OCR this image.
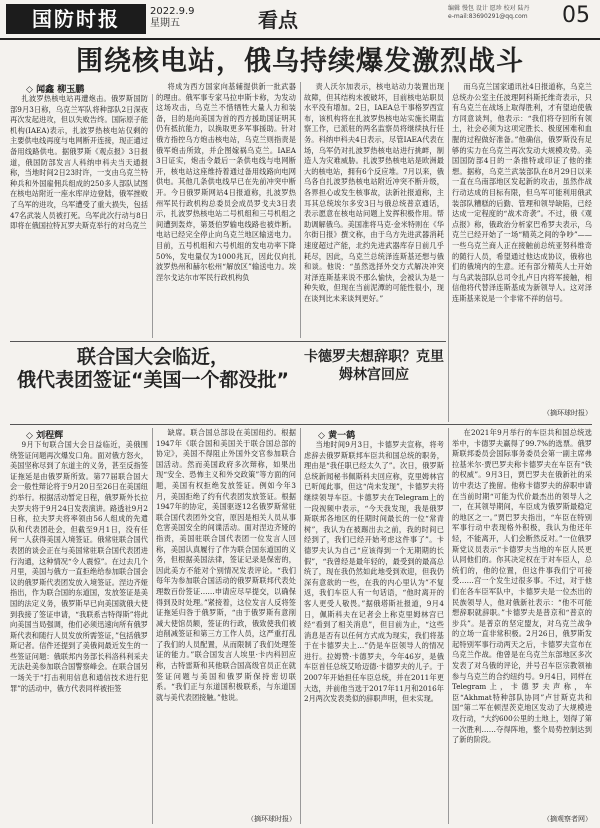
国防时报	2022.9.9
星期五	看点	编辑 慢包 设计 愿珍 校对 陆丹
e-mail:83690291@qq.com 05
围绕核电站，俄乌持续爆发激烈战斗
◇ 闻鑫 柳玉鹏
扎波罗热核电站再遭炮击。俄罗斯国防部9月3日称，乌克兰军队将种部队2日深夜再次发起进攻，但以失败告终。国际原子能机构(IAEA)表示，扎波罗热核电站仅剩的主要供电线再度与电网断开连接，现正通过备用线路供电。据俄罗斯《观点报》3日报道，俄国防部发言人科纳申科夫当天通报称，当地时间2日23时许，一支由乌克兰特种兵和外国雇佣兵组成的250多人部队试图在核电站附近一座水库岸边登陆，俄军挫败了乌军的进攻，乌军遭受了重大损失，包括47名武装人员被打死。乌军此次行动与8日即将在俄国拉特瓦罗夫斯克举行的对乌克兰
将成为西方国家向基辅提供新一批武器的理由。俄军事专家马拉申斯卡称，为发动这场攻击，乌克兰不惜牺牲大量人力和装备，目的是向美国为首的西方援助国证明其仍有抵抗能力，以换取更多军事援助。针对俄方指控乌方炮击核电站，乌克兰则指责是俄军炮击所致，并企图嫁祸乌克兰。IAEA 3日证实，炮击令最后一条供电线与电网断开，核电站这座维持着通过备用线路向电网供电。其他几条供电线早已在先前冲突中断开。今日俄罗斯网站4日报道称，扎波罗热州军民行政机构总委员会成员罗戈夫3日表示，扎波罗热核电站二号机组和三号机组之间遭到轰炸，第聂伯罗输电线路也被炸断。电站已经完全停止向乌克兰地区输送电力。目前，五号机组和六号机组的发电功率下降50%，发电量仅为1000兆瓦，因此仅向扎波罗热州和赫尔松州“解放区”输送电力。埃涅尔戈达尔市军民行政机构负
责人沃尔加表示，核电站动力装置出现故障，但其结构未被破坏，目前核电站职员水平没有增加。2日，IAEA总干事格罗西宣布，该机构将在扎波罗热核电站实施长期监察工作，已派驻的两名监察员将继续执行任务。科纳申科夫4日表示，尽管IAEA代表在场，乌军仍对扎波罗热核电站进行挑衅，制造人为灾难威胁。扎波罗热核电站是欧洲最大的核电站，拥有6个反应堆。7月以来，俄乌各自扎波罗热核电站附近冲突不断升级，各界担心或发生核事故，法新社报道称，主耳其总统埃尔多安3日与俄总统普京通话，表示愿意在核电站问题上发挥积极作用。帮助调解俄乌。美国准将马克·金米特则在《华尔街日报》撰文称，由于乌方先进武器消耗速度超过产能，北约先进武器库存日前几乎耗尽，因此，乌克兰总统泽连斯基还想与俄和谈。他说：“虽然选择外交方式解决冲突对泽连斯基来说不那么愉快，会被认为是一种失败，但现在当前泥潭的可能性很小，现在谈判比未来谈判更好。”
而乌克兰国家通讯社4日报道称，乌克兰总统办公室主任波理阿科斯托维奇表示，只有乌克兰在战场上取得胜利，才有望迫使俄方同意谈判，他表示：“我们将夺回所有领土，社会必须为这项定胜长、极度困难和血腥的过程做好准备。”他确信，俄罗斯没有足够的实力在乌克兰再次发动大规模攻势。美国国防部4日的一条推特或印证了他的推想。据称，乌克兰武装部队在8月29日以来一直在乌南部地区发起新的攻击，虽然作战行动达成的目标有限，但乌军可能利用俄武装部队糟糕的后勤、管理和领导缺陷，已经达成一定程度的“战术奇袭”。不过，俄《观点报》称，俄政治分析家巴希罗夫表示，乌克兰已经开始了一场“精英之间的争吵”——一些乌克兰商人正在接触前总统亚努科维奇的随行人员，希望通过他达成协议，俄称也们的俄境内的生意。还有部分精英人士开始与乌武装部队总司令扎卢日内将军接触，相信他将代替泽连斯基成为新领导人。这对泽连斯基来说是一个非常不祥的信号。
（摘环球时报）
联合国大会临近，
俄代表团签证“美国一个都没批”
卡德罗夫想辞职？克里姆林宫回应
◇ 刘程辉
9月下旬联合国大会日益临近，美俄围绕签证问题再次爆发口角。面对俄方怒火，美国坚称尽到了东道主的义务，甚至反指签证拖延是由俄罗斯所致。第77届联合国大会一般性辩论将于9月20日至26日在美国纽约举行。根据活动暂定日程，俄罗斯外长拉夫罗夫将于9月24日发表演讲。路透社9月2日称，拉夫罗夫将率领由56人组成的先遣队和代表团赴会，但截至9月1日，没有任何一人获得美国入境签证。俄常驻联合国代表团的谈会正在与美国常驻联合国代表团进行沟通，这种情况“令人震惊”。在过去几个月里，美国与俄方一直拒绝给参加联合国会议的俄罗斯代表团发放入境签证。涅边齐娅指出，作为联合国的东道国，发放签证是美国的法定义务，俄罗斯早已向美国就俄大使到我接了签证申请，“我联系吉特得斯”将此向美国当局强调，他们必须迅速向所有俄罗斯代表和随行人员发放所需签证，”包括俄罗斯记者。信件还提到了美俄间最近发生的一些签证问题：俄联邦内务部长科洛科利采夫无法赴美参加联合国警察峰会。在联合国另一场关于“打击利用信息和通信技术进行犯罪”的活动中，俄方代表同样被拒签
缺席。联合国总部设在美国纽约。根据1947年《联合国和美国关于联合国总部的协定》，美国不得阻止外国外交官参加联合国活动。然而美国政府多次辩称，如果出现“安全、恐怖主义和外交政策”等方面的问题，美国有权拒绝发放签证。例如今年3月，美国拒绝了约有代表团发放签证。根据1947年的协定，美国驱逐12名俄罗斯常驻联合国代表团外交官，原因是相关人员从事危害美国安全的间谍活动。面对涅边齐娅的指责，美国驻联合国代表团一位发言人回称，美国认真履行了作为联合国东道国的义务，但根据美国法律，签证记录是保密的，因此美方不能对个别情况发表评论。“我们每年为参加联合国活动的俄罗斯联邦代表处理数百份签证……申请应尽早提交，以确保得到及时处理。”紧接着，这位发言人反将签证拖延归咎于俄罗斯，“由于俄罗斯有意削减大使馆员额，签证的行政，俄致使我们被迫削减签证和第三方工作人员，这严重打乱了我们的人员配置，从而限制了我们处理签证的能力。”联合国发言人埃里·卡内科回应称，古特雷斯和其他联合国高级官员正在就签证问题与美国和俄罗斯保持密切联系。“我们正与东道国积极联系，与东道国就与美代表团接触。”他说。
（摘环球时报）
◇ 黄一鹤
当地时间9月3日，卡德罗夫宣称，将考虑辞去俄罗斯联邦车臣共和国总统的职务，理由是“我任职已经太久了”。次日，俄罗斯总统新闻秘书佩斯科夫回应称，克里姆林宫已听闻此事，但这“尚未发现”，卡德罗夫将继续领导车臣。卡德罗夫在Telegram上的一段视频中表示，“今天我发现，我是俄罗斯联邦各地区的任期时间最长的一位“常青树”，我认为在被踢出去之前，我的时间已经到了，我们已经开始考虑这件事了”。卡德罗夫认为自己“应该得到一个无期期的长假”，“我曾经是最年轻的，最受到的最高总统了，现在我仍然如此地受到欢迎，但我仍深有意欲的一些，在我的内心里认为”不复返，我们车臣人有一句话语，“他时离开的客人更受人敬畏。”据俄塔斯社报道，9月4日，佩斯科夫在记者会上称克里姆林宫已经“看到了相关消息”，但目前为止，“这些消息是否有以任何方式成为现实，我们将基于在卡德罗夫上…”仍是车臣领导人的情况进行。拉姆赞·卡德罗夫，今年46岁，是俄车臣首任总统艾哈迈德·卡德罗夫的儿子。于2007年开始担任车臣总统，并在2011年更大选，并前他当选于2017年11月和2016年2月两次发表类似的辞职声明，但未实现。
在2021年9月举行的车臣共和国总统选举中，卡德罗夫赢得了99.7%的选票。俄罗斯联邦委员会国际事务委员会第一副主席弗拉基米尔·贾巴罗夫称卡德罗夫在车臣有“铁的权威”。9月3日，贾巴罗夫在俄新社的采访中表达了挽留。他称卡德罗夫的辞职申请在当前时期“可能为代价最杰出的领导人之一，在其领导期间，车臣成为俄罗斯最稳定的地区之一。”贾巴罗夫指出，“车臣在特别军事行动中表现格外积极，我认为他还年轻，不能离开，人们会断然反对。”一位俄罗斯党议员表示“卡德罗夫当地的车臣人民更认同他们的。你其决定权在于对车臣人，总统们的，他的位置，但这件事我们宁可接受……宫一个发生过很多事。不过，对于他们在各车臣军队中，卡德罗夫是一位杰出的民族领导人，他对俄新社表示：“他不可能想辞职就辞职。”卡德罗夫是普京和“普京的步兵”。是普京的坚定盟友，对乌克兰战争的立场一直非常积极。2月26日，俄罗斯发起特别军事行动两天之后，卡德罗夫宣布在乌克兰作战。他曾是在乌克兰东部地区多次发表了对乌俄的评论，并号召车臣宗教领袖参与乌克兰的合约纽约号。9月4日，同样在Telegram上，卡德罗夫声称，车臣“Akhmat特种部队协同”卢甘斯克共和国“第二军在顿涅茨克地区发动了大规模进攻行动，“大约600公里的土地上，划得了第一次胜利……夺得阵地，整个局势控制达到了新的阶段。
（摘观察者网）
